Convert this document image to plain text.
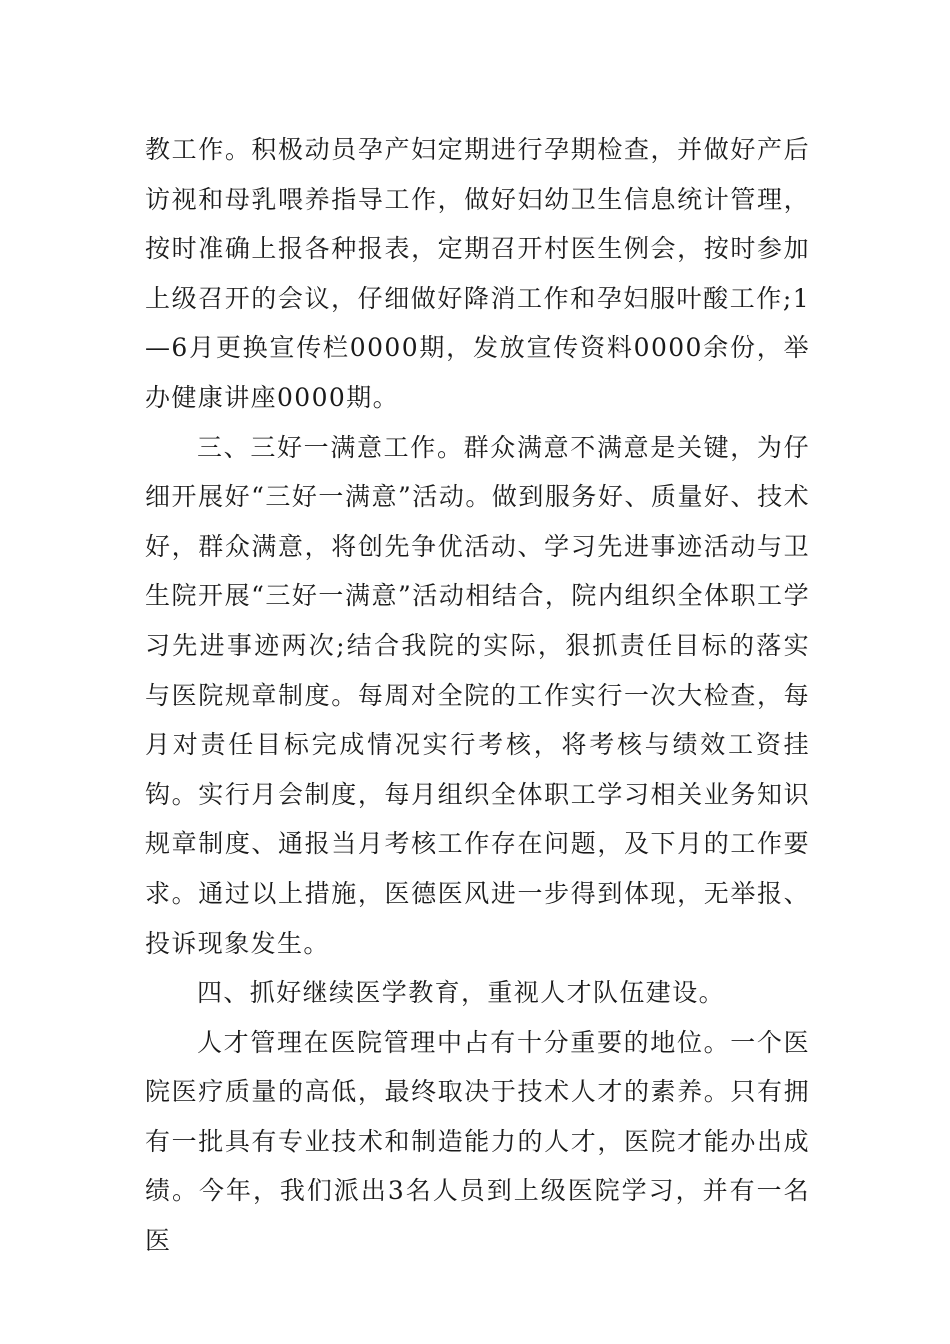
教工作。积极动员孕产妇定期进行孕期检查，并做好产后访视和母乳喂养指导工作，做好妇幼卫生信息统计管理，按时准确上报各种报表，定期召开村医生例会，按时参加上级召开的会议，仔细做好降消工作和孕妇服叶酸工作;1—6月更换宣传栏0000期，发放宣传资料0000余份，举办健康讲座0000期。

三、三好一满意工作。群众满意不满意是关键，为仔细开展好“三好一满意”活动。做到服务好、质量好、技术好，群众满意，将创先争优活动、学习先进事迹活动与卫生院开展“三好一满意”活动相结合，院内组织全体职工学习先进事迹两次;结合我院的实际，狠抓责任目标的落实与医院规章制度。每周对全院的工作实行一次大检查，每月对责任目标完成情况实行考核，将考核与绩效工资挂钩。实行月会制度，每月组织全体职工学习相关业务知识规章制度、通报当月考核工作存在问题，及下月的工作要求。通过以上措施，医德医风进一步得到体现，无举报、投诉现象发生。

四、抓好继续医学教育，重视人才队伍建设。

人才管理在医院管理中占有十分重要的地位。一个医院医疗质量的高低，最终取决于技术人才的素养。只有拥有一批具有专业技术和制造能力的人才，医院才能办出成绩。今年，我们派出3名人员到上级医院学习，并有一名医
